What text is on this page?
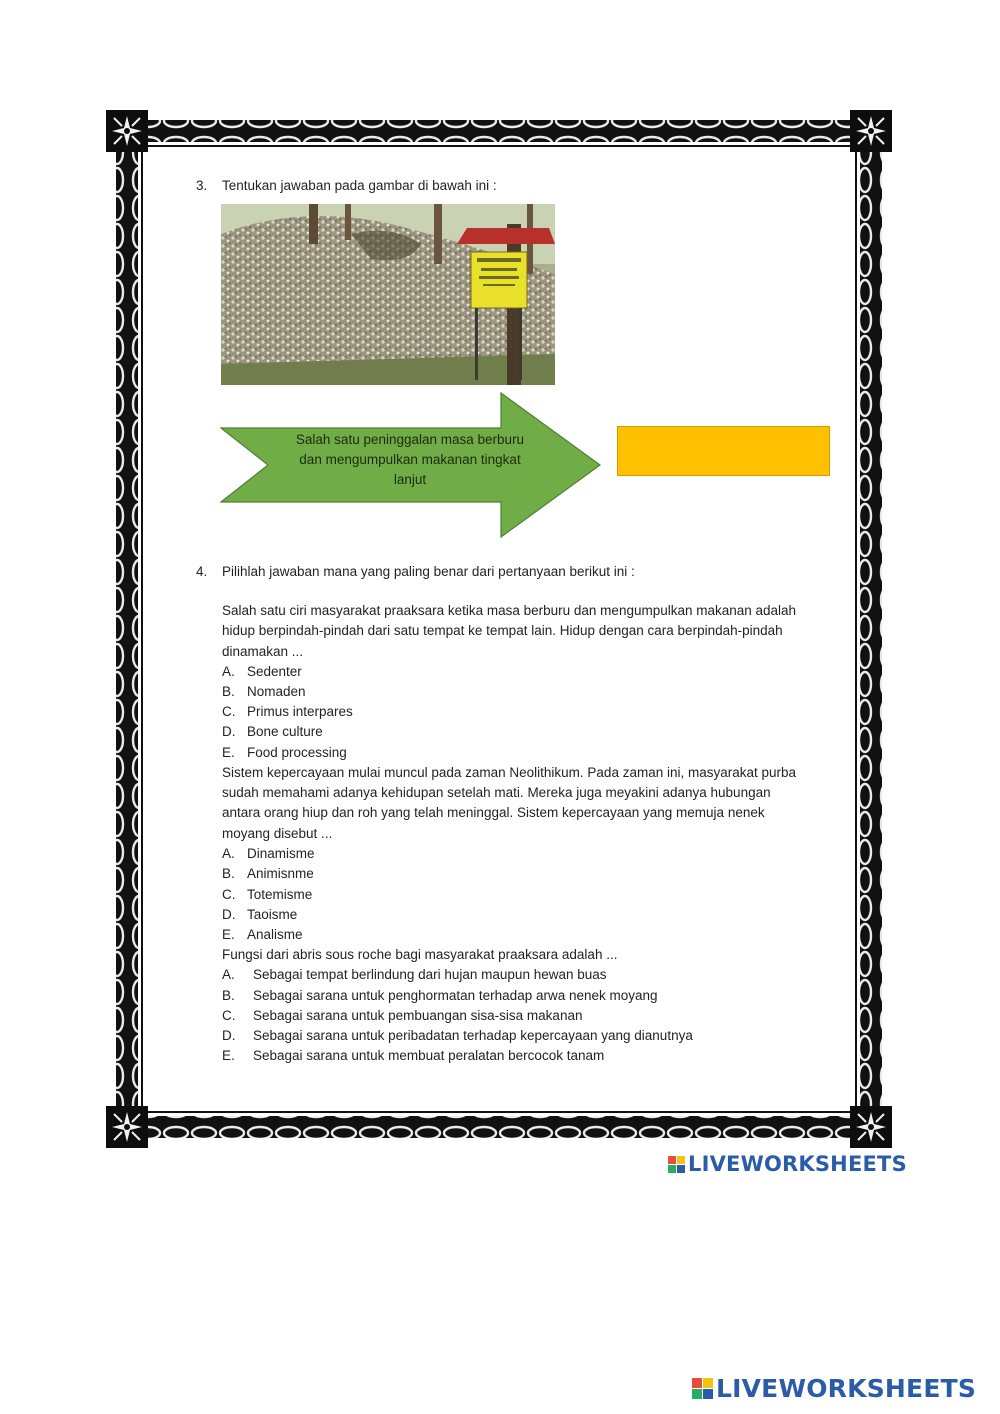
3. Tentukan jawaban pada gambar di bawah ini :
Salah satu peninggalan masa berburu
dan mengumpulkan makanan tingkat
lanjut
4. Pilihlah jawaban mana yang paling benar dari pertanyaan berikut ini :
Salah satu ciri masyarakat praaksara ketika masa berburu dan mengumpulkan makanan adalah
hidup berpindah-pindah dari satu tempat ke tempat lain. Hidup dengan cara berpindah-pindah
dinamakan ...
A. Sedenter
B. Nomaden
C. Primus interpares
D. Bone culture
E. Food processing
Sistem kepercayaan mulai muncul pada zaman Neolithikum. Pada zaman ini, masyarakat purba
sudah memahami adanya kehidupan setelah mati. Mereka juga meyakini adanya hubungan
antara orang hiup dan roh yang telah meninggal. Sistem kepercayaan yang memuja nenek
moyang disebut ...
A. Dinamisme
B. Animisnme
C. Totemisme
D. Taoisme
E. Analisme
Fungsi dari abris sous roche bagi masyarakat praaksara adalah ...
A. Sebagai tempat berlindung dari hujan maupun hewan buas
B. Sebagai sarana untuk penghormatan terhadap arwa nenek moyang
C. Sebagai sarana untuk pembuangan sisa-sisa makanan
D. Sebagai sarana untuk peribadatan terhadap kepercayaan yang dianutnya
E. Sebagai sarana untuk membuat peralatan bercocok tanam
LIVEWORKSHEETS
LIVEWORKSHEETS
